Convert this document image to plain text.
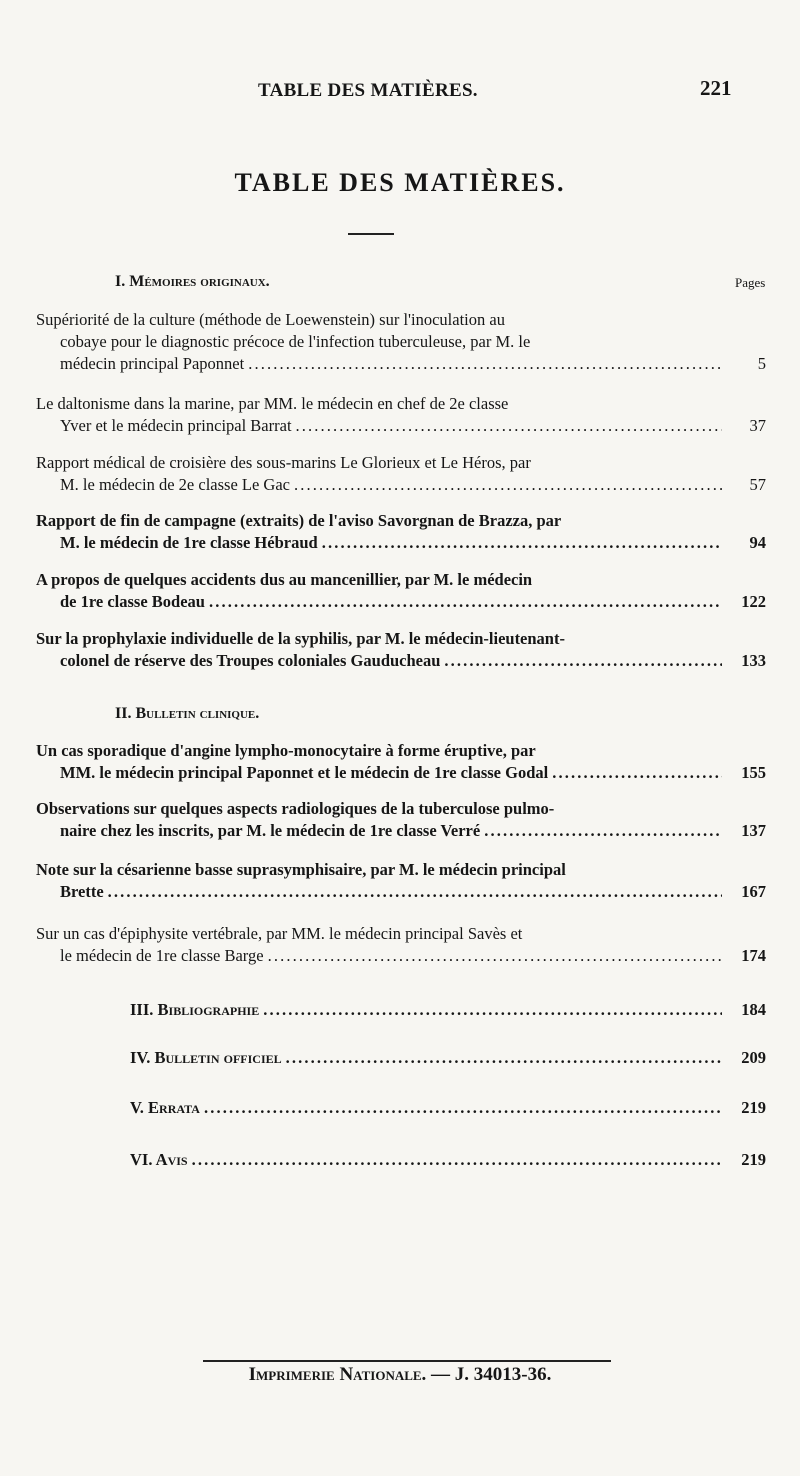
TABLE DES MATIÈRES.	221
TABLE DES MATIÈRES.
I. Mémoires originaux.	Pages
Supériorité de la culture (méthode de Loewenstein) sur l'inoculation au
cobaye pour le diagnostic précoce de l'infection tuberculeuse, par M. le
médecin principal Paponnet . . .	5
Le daltonisme dans la marine, par MM. le médecin en chef de 2e classe
Yver et le médecin principal Barrat . . .	37
Rapport médical de croisière des sous-marins Le Glorieux et Le Héros, par
M. le médecin de 2e classe Le Gac . . .	57
Rapport de fin de campagne (extraits) de l'aviso Savorgnan de Brazza, par
M. le médecin de 1re classe Hébraud . . .	94
A propos de quelques accidents dus au mancenillier, par M. le médecin
de 1re classe Bodeau . . .	122
Sur la prophylaxie individuelle de la syphilis, par M. le médecin-lieutenant-
colonel de réserve des Troupes coloniales Gauducheau . . .	133
II. Bulletin clinique.
Un cas sporadique d'angine lympho-monocytaire à forme éruptive, par
MM. le médecin principal Paponnet et le médecin de 1re classe Godal . . .	155
Observations sur quelques aspects radiologiques de la tuberculose pulmo-
naire chez les inscrits, par M. le médecin de 1re classe Verré . . .	137
Note sur la césarienne basse suprasymphisaire, par M. le médecin principal
Brette . . .	167
Sur un cas d'épiphysite vertébrale, par MM. le médecin principal Savès et
le médecin de 1re classe Barge . . .	174
III. Bibliographie . . .	184
IV. Bulletin officiel . . .	209
V. Errata . . .	219
VI. Avis . . .	219
Imprimerie Nationale. — J. 34013-36.
